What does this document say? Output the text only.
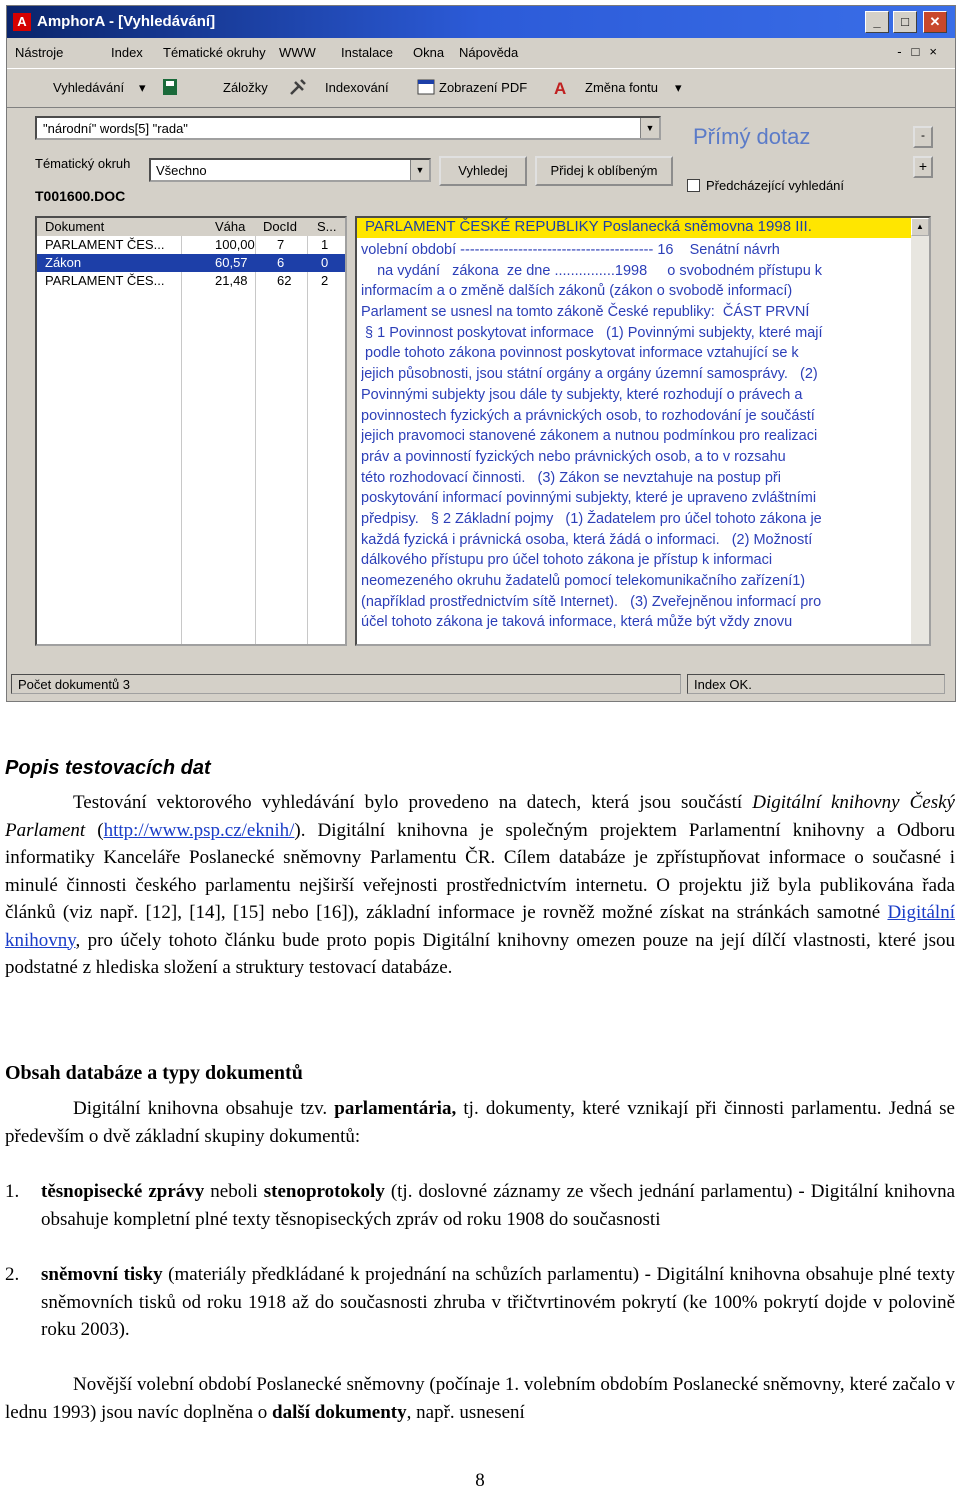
A AmphorA - [Vyhledávání]	_	□	✕
Nástroje	Index Tématické okruhy WWW Instalace Okna Nápověda	-□×
Vyhledávání ▾	Záložky	Indexování	Zobrazení PDF A Změna fontu ▾
"národní" words[5] "rada"	▼
Tématický okruh	Všechno	▼
T001600.DOC
Vyhledej	Přidej k oblíbeným
Přímý dotaz
Předcházející vyhledání
-
+
Dokument	Váha DocId S...
PARLAMENT ČES...	100,00 7	1
Zákon	60,57 6	0
PARLAMENT ČES...	21,48 62 2
PARLAMENT ČESKÉ REPUBLIKY Poslanecká sněmovna 1998 III.
volební období ---------------------------------------- 16    Senátní návrh
na vydání   zákona  ze dne ...............1998     o svobodném přístupu k
informacím a o změně dalších zákonů (zákon o svobodě informací)
Parlament se usnesl na tomto zákoně České republiky:  ČÁST PRVNÍ
§ 1 Povinnost poskytovat informace   (1) Povinnými subjekty, které mají
podle tohoto zákona povinnost poskytovat informace vztahující se k
jejich působnosti, jsou státní orgány a orgány územní samosprávy.   (2)
Povinnými subjekty jsou dále ty subjekty, které rozhodují o právech a
povinnostech fyzických a právnických osob, to rozhodování je součástí
jejich pravomoci stanovené zákonem a nutnou podmínkou pro realizaci
práv a povinností fyzických nebo právnických osob, a to v rozsahu
této rozhodovací činnosti.   (3) Zákon se nevztahuje na postup při
poskytování informací povinnými subjekty, které je upraveno zvláštními
předpisy.   § 2 Základní pojmy   (1) Žadatelem pro účel tohoto zákona je
každá fyzická i právnická osoba, která žádá o informaci.   (2) Možností
dálkového přístupu pro účel tohoto zákona je přístup k informaci
neomezeného okruhu žadatelů pomocí telekomunikačního zařízení1)
(například prostřednictvím sítě Internet).   (3) Zveřejněnou informací pro
účel tohoto zákona je taková informace, která může být vždy znovu
▲
Počet dokumentů 3	Index OK.
Popis testovacích dat
Testování vektorového vyhledávání bylo provedeno na datech, která jsou součástí Digitální knihovny Český Parlament (http://www.psp.cz/eknih/). Digitální knihovna je společným projektem Parlamentní knihovny a Odboru informatiky Kanceláře Poslanecké sněmovny Parlamentu ČR. Cílem databáze je zpřístupňovat informace o současné i minulé činnosti českého parlamentu nejširší veřejnosti prostřednictvím internetu. O projektu již byla publikována řada článků (viz např. [12], [14], [15] nebo [16]), základní informace je rovněž možné získat na stránkách samotné Digitální knihovny, pro účely tohoto článku bude proto popis Digitální knihovny omezen pouze na její dílčí vlastnosti, které jsou podstatné z hlediska složení a struktury testovací databáze.
Obsah databáze a typy dokumentů
Digitální knihovna obsahuje tzv. parlamentária, tj. dokumenty, které vznikají při činnosti parlamentu. Jedná se především o dvě základní skupiny dokumentů:
1. těsnopisecké zprávy neboli stenoprotokoly (tj. doslovné záznamy ze všech jednání parlamentu) - Digitální knihovna obsahuje kompletní plné texty těsnopiseckých zpráv od roku 1908 do současnosti
2. sněmovní tisky (materiály předkládané k projednání na schůzích parlamentu) - Digitální knihovna obsahuje plné texty sněmovních tisků od roku 1918 až do současnosti zhruba v třičtvrtinovém pokrytí (ke 100% pokrytí dojde v polovině roku 2003).
Novější volební období Poslanecké sněmovny (počínaje 1. volebním obdobím Poslanecké sněmovny, které začalo v lednu 1993) jsou navíc doplněna o další dokumenty, např. usnesení
8
